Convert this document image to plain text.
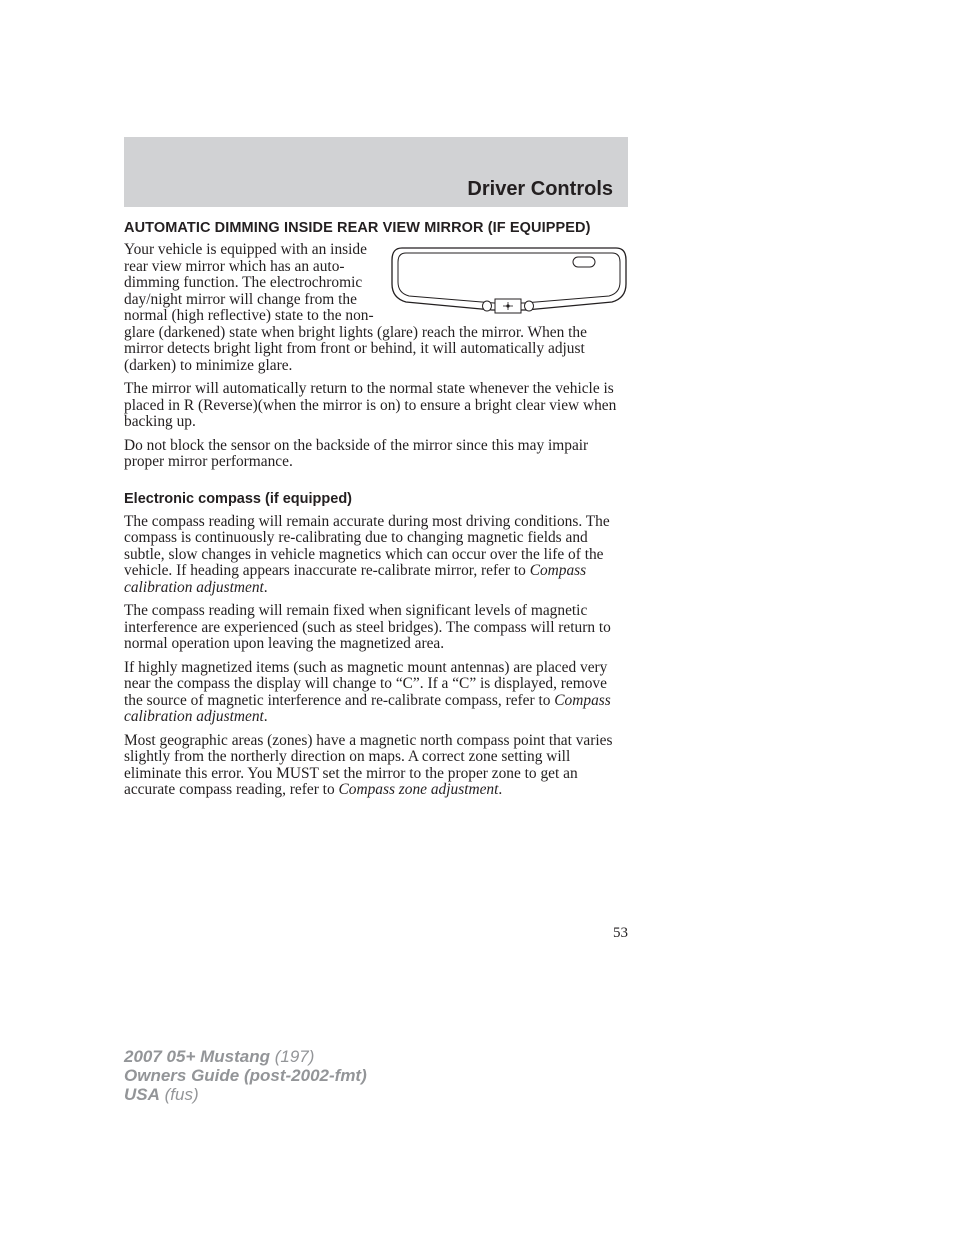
Driver Controls
AUTOMATIC DIMMING INSIDE REAR VIEW MIRROR (IF EQUIPPED)

Your vehicle is equipped with an inside rear view mirror which has an auto-dimming function. The electrochromic day/night mirror will change from the normal (high reflective) state to the non-glare (darkened) state when bright lights (glare) reach the mirror. When the mirror detects bright light from front or behind, it will automatically adjust (darken) to minimize glare.

The mirror will automatically return to the normal state whenever the vehicle is placed in R (Reverse)(when the mirror is on) to ensure a bright clear view when backing up.

Do not block the sensor on the backside of the mirror since this may impair proper mirror performance.

Electronic compass (if equipped)

The compass reading will remain accurate during most driving conditions. The compass is continuously re-calibrating due to changing magnetic fields and subtle, slow changes in vehicle magnetics which can occur over the life of the vehicle. If heading appears inaccurate re-calibrate mirror, refer to Compass calibration adjustment.

The compass reading will remain fixed when significant levels of magnetic interference are experienced (such as steel bridges). The compass will return to normal operation upon leaving the magnetized area.

If highly magnetized items (such as magnetic mount antennas) are placed very near the compass the display will change to “C”. If a “C” is displayed, remove the source of magnetic interference and re-calibrate compass, refer to Compass calibration adjustment.

Most geographic areas (zones) have a magnetic north compass point that varies slightly from the northerly direction on maps. A correct zone setting will eliminate this error. You MUST set the mirror to the proper zone to get an accurate compass reading, refer to Compass zone adjustment.

53
2007 05+ Mustang (197)
Owners Guide (post-2002-fmt)
USA (fus)
